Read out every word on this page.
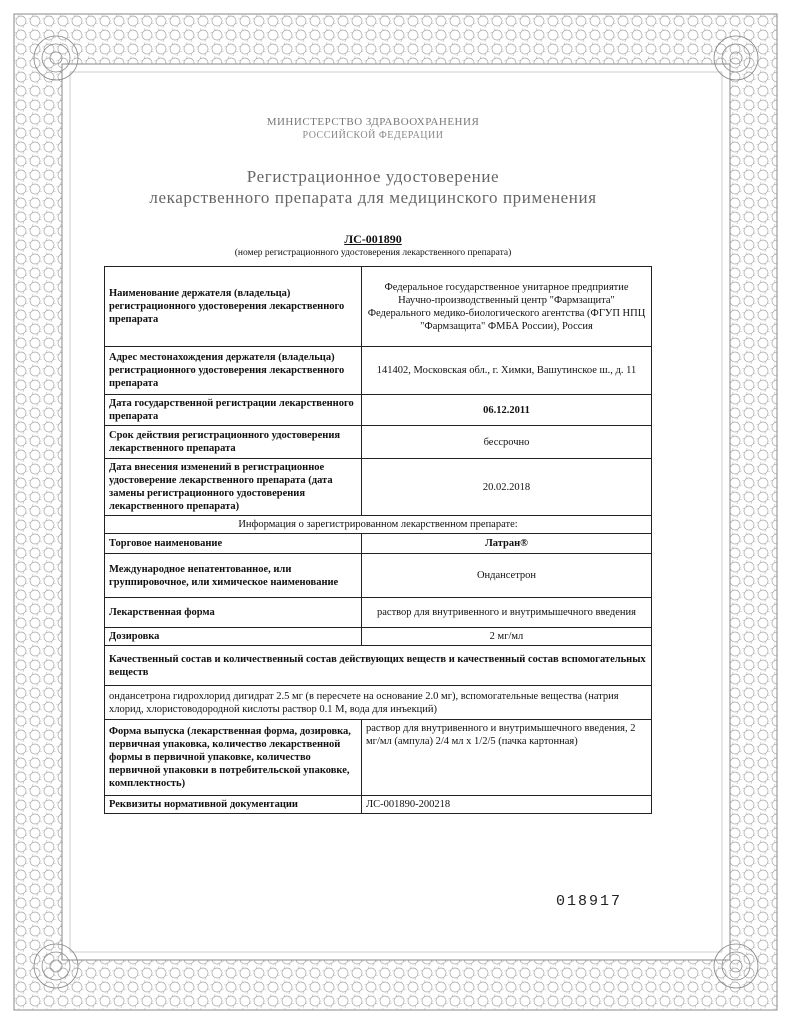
МИНИСТЕРСТВО ЗДРАВООХРАНЕНИЯ
РОССИЙСКОЙ ФЕДЕРАЦИИ
Регистрационное удостоверение
лекарственного препарата для медицинского применения
ЛС-001890
(номер регистрационного удостоверения лекарственного препарата)
Наименование держателя (владельца) регистрационного удостоверения лекарственного препарата	Федеральное государственное унитарное предприятие Научно-производственный центр "Фармзащита" Федерального медико-биологического агентства (ФГУП НПЦ "Фармзащита" ФМБА России), Россия
Адрес местонахождения держателя (владельца) регистрационного удостоверения лекарственного препарата	141402, Московская обл., г. Химки, Вашутинское ш., д. 11
Дата государственной регистрации лекарственного препарата	06.12.2011
Срок действия регистрационного удостоверения лекарственного препарата	бессрочно
Дата внесения изменений в регистрационное удостоверение лекарственного препарата (дата замены регистрационного удостоверения лекарственного препарата)	20.02.2018
Информация о зарегистрированном лекарственном препарате:	
Торговое наименование	Латран®
Международное непатентованное, или группировочное, или химическое наименование	Ондансетрон
Лекарственная форма	раствор для внутривенного и внутримышечного введения
Дозировка	2 мг/мл
Качественный состав и количественный состав действующих веществ и качественный состав вспомогательных веществ	
ондансетрона гидрохлорид дигидрат 2.5 мг (в пересчете на основание 2.0 мг), вспомогательные вещества (натрия хлорид, хлористоводородной кислоты раствор 0.1 М, вода для инъекций)	
Форма выпуска (лекарственная форма, дозировка, первичная упаковка, количество лекарственной формы в первичной упаковке, количество первичной упаковки в потребительской упаковке, комплектность)	раствор для внутривенного и внутримышечного введения, 2 мг/мл (ампула) 2/4 мл x 1/2/5 (пачка картонная)
Реквизиты нормативной документации	ЛС-001890-200218
018917
